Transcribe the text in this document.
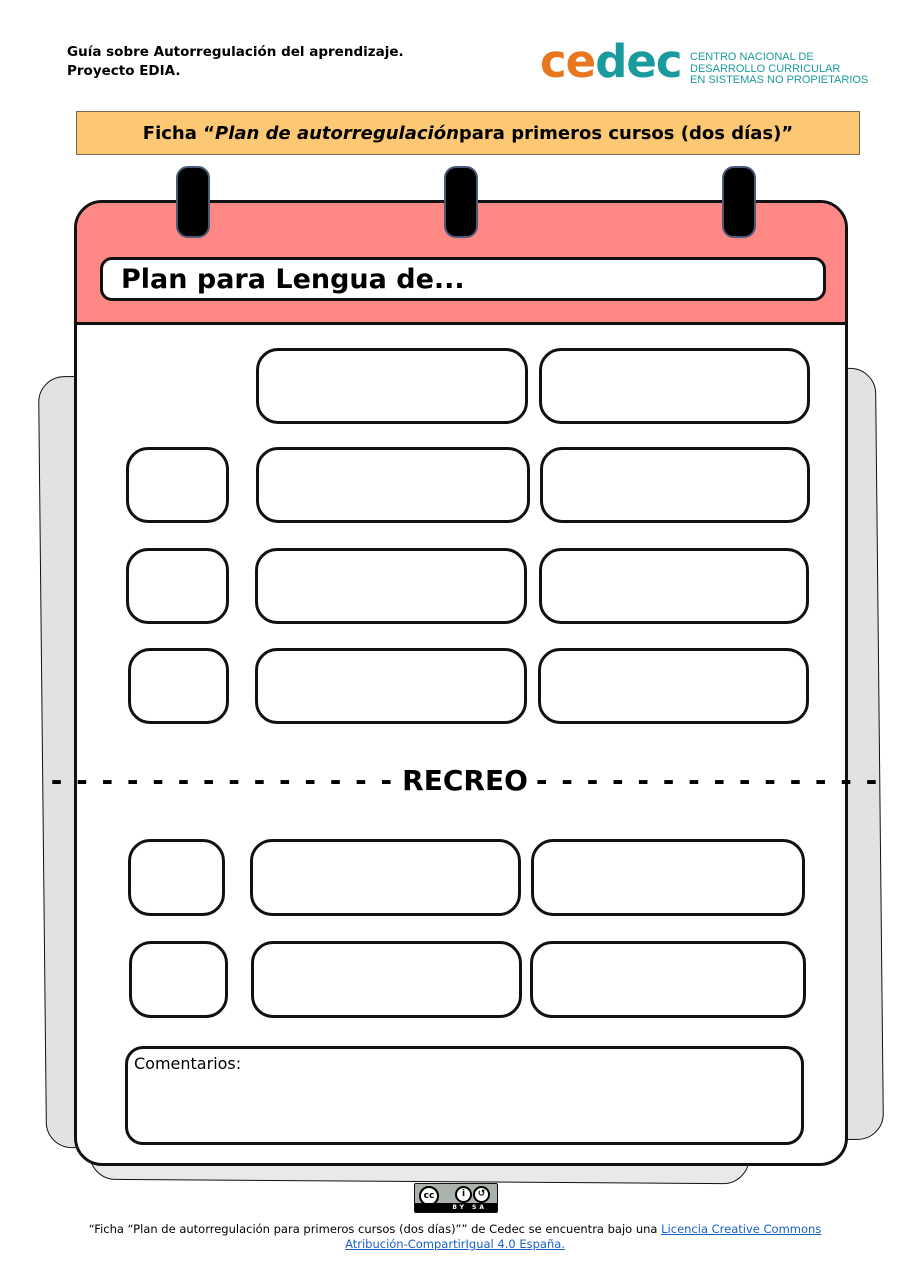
Guía sobre Autorregulación del aprendizaje.
Proyecto EDIA.	cedec CENTRO NACIONAL DE
DESARROLLO CURRICULAR
EN SISTEMAS NO PROPIETARIOS
Ficha “ Plan de autorregulación para primeros cursos (dos días)”
Plan para Lengua de...
- - - - - - - - - - - - - - RECREO - - - - - - - - - - - - - -
Comentarios:
cc	i	↺
BY SA
“Ficha “Plan de autorregulación para primeros cursos (dos días)”” de Cedec se encuentra bajo una Licencia Creative Commons Atribución-CompartirIgual 4.0 España.
